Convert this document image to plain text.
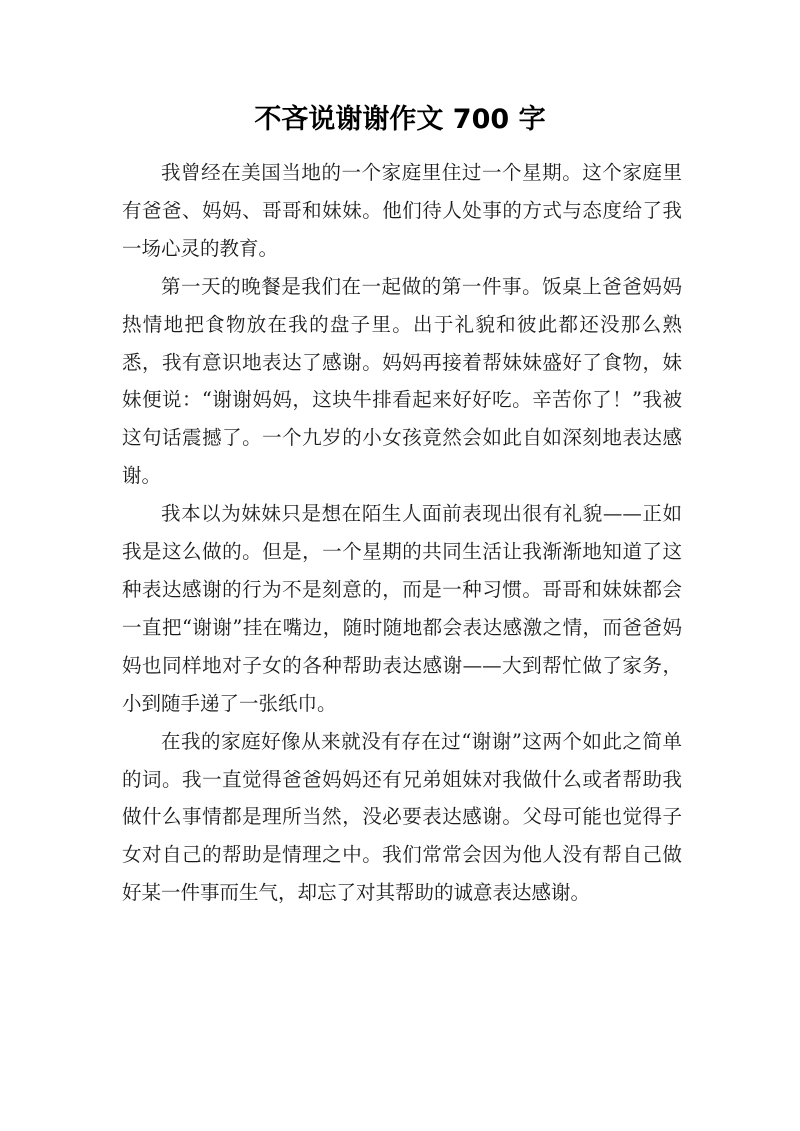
不吝说谢谢作文 700 字

我曾经在美国当地的一个家庭里住过一个星期。这个家庭里有爸爸、妈妈、哥哥和妹妹。他们待人处事的方式与态度给了我一场心灵的教育。

第一天的晚餐是我们在一起做的第一件事。饭桌上爸爸妈妈热情地把食物放在我的盘子里。出于礼貌和彼此都还没那么熟悉，我有意识地表达了感谢。妈妈再接着帮妹妹盛好了食物，妹妹便说：“谢谢妈妈，这块牛排看起来好好吃。辛苦你了！”我被这句话震撼了。一个九岁的小女孩竟然会如此自如深刻地表达感谢。

我本以为妹妹只是想在陌生人面前表现出很有礼貌——正如我是这么做的。但是，一个星期的共同生活让我渐渐地知道了这种表达感谢的行为不是刻意的，而是一种习惯。哥哥和妹妹都会一直把“谢谢”挂在嘴边，随时随地都会表达感激之情，而爸爸妈妈也同样地对子女的各种帮助表达感谢——大到帮忙做了家务，小到随手递了一张纸巾。

在我的家庭好像从来就没有存在过“谢谢”这两个如此之简单的词。我一直觉得爸爸妈妈还有兄弟姐妹对我做什么或者帮助我做什么事情都是理所当然，没必要表达感谢。父母可能也觉得子女对自己的帮助是情理之中。我们常常会因为他人没有帮自己做好某一件事而生气，却忘了对其帮助的诚意表达感谢。
